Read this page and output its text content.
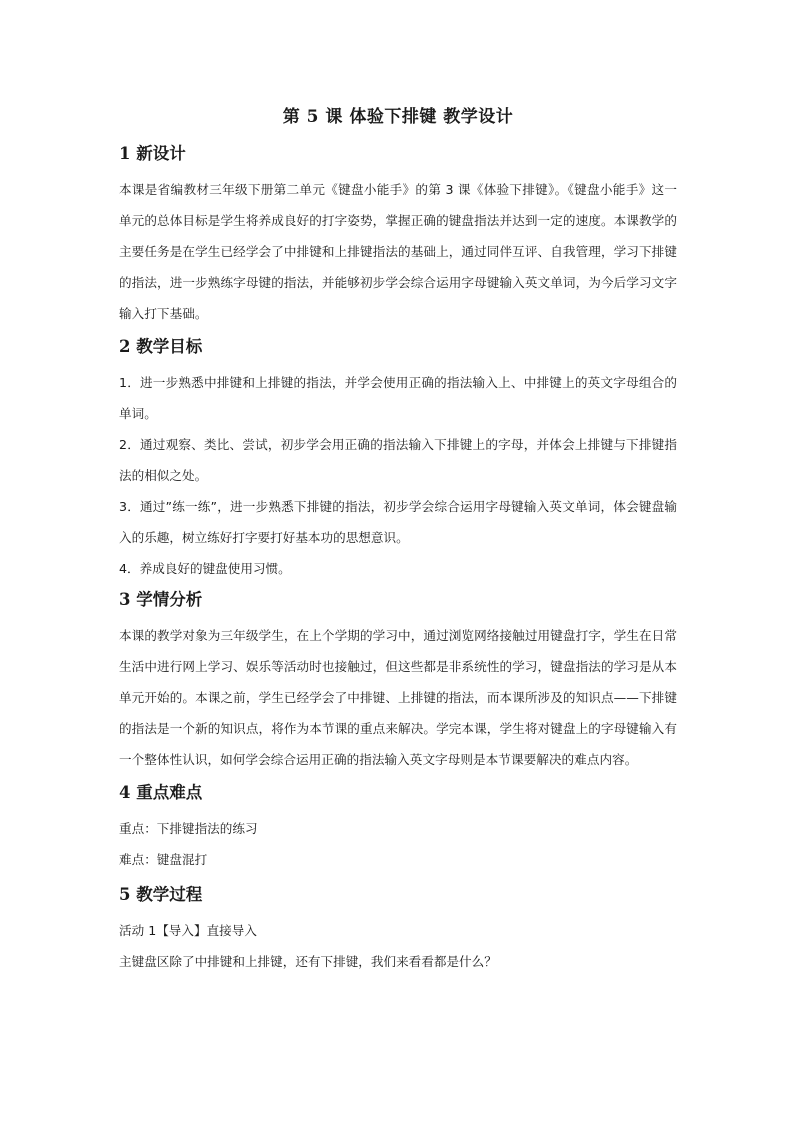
第 5 课 体验下排键 教学设计
1 新设计

本课是省编教材三年级下册第二单元《键盘小能手》的第 3 课《体验下排键》。《键盘小能手》这一单元的总体目标是学生将养成良好的打字姿势，掌握正确的键盘指法并达到一定的速度。本课教学的主要任务是在学生已经学会了中排键和上排键指法的基础上，通过同伴互评、自我管理，学习下排键的指法，进一步熟练字母键的指法，并能够初步学会综合运用字母键输入英文单词，为今后学习文字输入打下基础。

2 教学目标

1．进一步熟悉中排键和上排键的指法，并学会使用正确的指法输入上、中排键上的英文字母组合的单词。

2．通过观察、类比、尝试，初步学会用正确的指法输入下排键上的字母，并体会上排键与下排键指法的相似之处。

3．通过”练一练”，进一步熟悉下排键的指法，初步学会综合运用字母键输入英文单词，体会键盘输入的乐趣，树立练好打字要打好基本功的思想意识。

4．养成良好的键盘使用习惯。

3 学情分析

本课的教学对象为三年级学生，在上个学期的学习中，通过浏览网络接触过用键盘打字，学生在日常生活中进行网上学习、娱乐等活动时也接触过，但这些都是非系统性的学习，键盘指法的学习是从本单元开始的。本课之前，学生已经学会了中排键、上排键的指法，而本课所涉及的知识点——下排键的指法是一个新的知识点，将作为本节课的重点来解决。学完本课，学生将对键盘上的字母键输入有一个整体性认识，如何学会综合运用正确的指法输入英文字母则是本节课要解决的难点内容。

4 重点难点

重点：下排键指法的练习

难点：键盘混打

5 教学过程

活动 1【导入】直接导入

主键盘区除了中排键和上排键，还有下排键，我们来看看都是什么？
